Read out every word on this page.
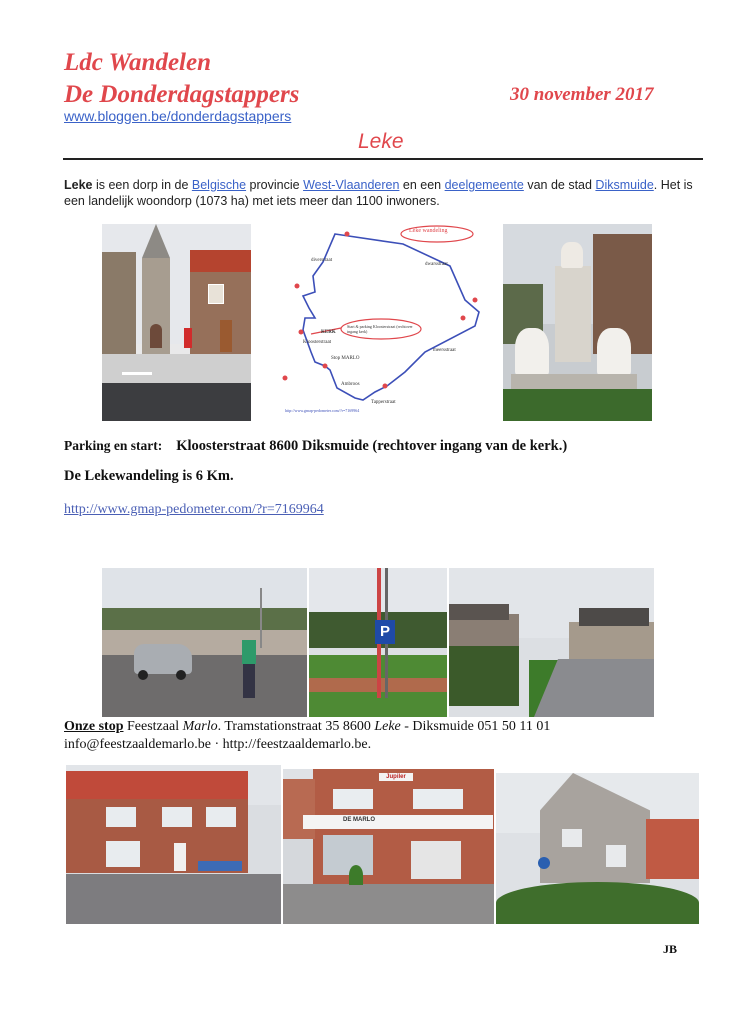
Ldc Wandelen
De Donderdagstappers
www.bloggen.be/donderdagstappers
30 november 2017
Leke
Leke is een dorp in de Belgische provincie West-Vlaanderen en een deelgemeente van de stad Diksmuide. Het is een landelijk woondorp (1073 ha) met iets meer dan 1100 inwoners.
Leke wandeling
KERK
Start & parking Kloosterstraat (rechtover ingang kerk)
Stop MARLO
diverstraat
dwarsstraat
Kloosterstraat
meersstraat
Ambroos
Tapperstraat
http://www.gmap-pedometer.com/?r=7169964
Parking en start: Kloosterstraat 8600 Diksmuide (rechtover ingang van de kerk.)
De Lekewandeling is 6 Km.
http://www.gmap-pedometer.com/?r=7169964
P
Onze stop Feestzaal Marlo. Tramstationstraat 35 8600 Leke - Diksmuide 051 50 11 01
info@feestzaaldemarlo.be · http://feestzaaldemarlo.be.
Jupiler
DE MARLO
JB
